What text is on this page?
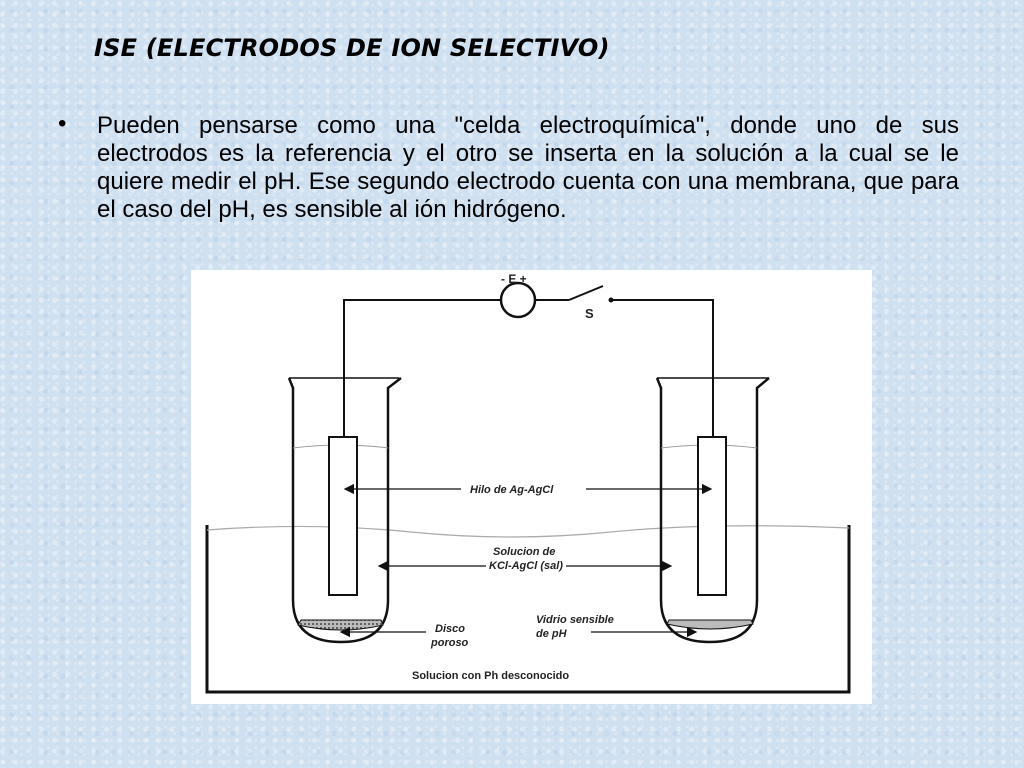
ISE (ELECTRODOS DE ION SELECTIVO)
• Pueden pensarse como una "celda electroquímica", donde uno de sus electrodos es la referencia y el otro se inserta en la solución a la cual se le quiere medir el pH. Ese segundo electrodo cuenta con una membrana, que para el caso del pH, es sensible al ión hidrógeno.
- E +
S
Hilo de Ag-AgCl
Solucion de
KCl-AgCl (sal)
Disco
poroso
Vidrio sensible
de pH
Solucion con Ph desconocido
